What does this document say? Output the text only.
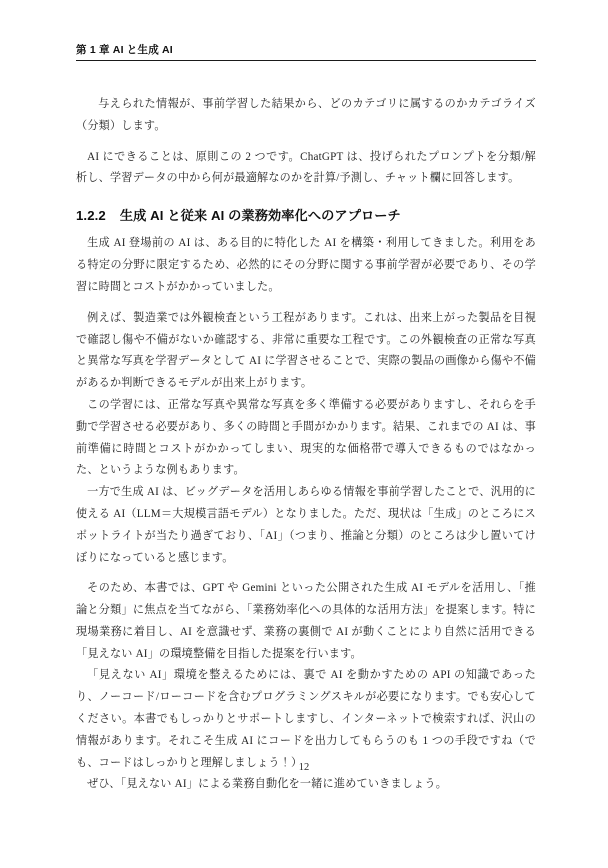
第 1 章 AI と生成 AI

与えられた情報が、事前学習した結果から、どのカテゴリに属するのかカテゴライズ（分類）します。

AI にできることは、原則この 2 つです。ChatGPT は、投げられたプロンプトを分類/解析し、学習データの中から何が最適解なのかを計算/予測し、チャット欄に回答します。

1.2.2 生成 AI と従来 AI の業務効率化へのアプローチ

生成 AI 登場前の AI は、ある目的に特化した AI を構築・利用してきました。利用をある特定の分野に限定するため、必然的にその分野に関する事前学習が必要であり、その学習に時間とコストがかかっていました。

例えば、製造業では外観検査という工程があります。これは、出来上がった製品を目視で確認し傷や不備がないか確認する、非常に重要な工程です。この外観検査の正常な写真と異常な写真を学習データとして AI に学習させることで、実際の製品の画像から傷や不備があるか判断できるモデルが出来上がります。

この学習には、正常な写真や異常な写真を多く準備する必要がありますし、それらを手動で学習させる必要があり、多くの時間と手間がかかります。結果、これまでの AI は、事前準備に時間とコストがかかってしまい、現実的な価格帯で導入できるものではなかった、というような例もあります。

一方で生成 AI は、ビッグデータを活用しあらゆる情報を事前学習したことで、汎用的に使える AI（LLM＝大規模言語モデル）となりました。ただ、現状は「生成」のところにスポットライトが当たり過ぎており、「AI」（つまり、推論と分類）のところは少し置いてけぼりになっていると感じます。

そのため、本書では、GPT や Gemini といった公開された生成 AI モデルを活用し、「推論と分類」に焦点を当てながら、「業務効率化への具体的な活用方法」を提案します。特に現場業務に着目し、AI を意識せず、業務の裏側で AI が動くことにより自然に活用できる「見えない AI」の環境整備を目指した提案を行います。

「見えない AI」環境を整えるためには、裏で AI を動かすための API の知識であったり、ノーコード/ローコードを含むプログラミングスキルが必要になります。でも安心してください。本書でもしっかりとサポートしますし、インターネットで検索すれば、沢山の情報があります。それこそ生成 AI にコードを出力してもらうのも 1 つの手段ですね（でも、コードはしっかりと理解しましょう！）

ぜひ、「見えない AI」による業務自動化を一緒に進めていきましょう。

12
